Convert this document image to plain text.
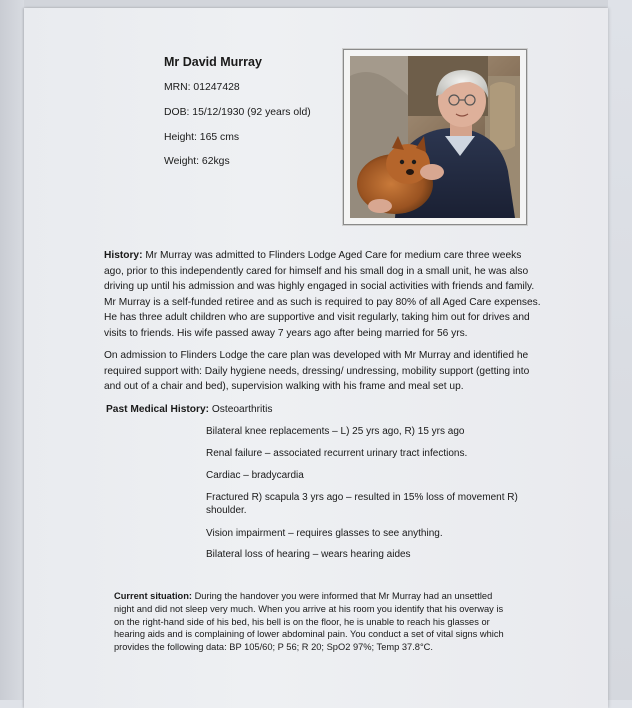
Mr David Murray
MRN: 01247428
DOB: 15/12/1930 (92 years old)
Height: 165 cms
Weight: 62kgs
History: Mr Murray was admitted to Flinders Lodge Aged Care for medium care three weeks
ago, prior to this independently cared for himself and his small dog in a small unit, he was also
driving up until his admission and was highly engaged in social activities with friends and family.
Mr Murray is a self-funded retiree and as such is required to pay 80% of all Aged Care expenses.
He has three adult children who are supportive and visit regularly, taking him out for drives and
visits to friends. His wife passed away 7 years ago after being married for 56 yrs.
On admission to Flinders Lodge the care plan was developed with Mr Murray and identified he
required support with: Daily hygiene needs, dressing/ undressing, mobility support (getting into
and out of a chair and bed), supervision walking with his frame and meal set up.
Past Medical History: Osteoarthritis
Bilateral knee replacements – L) 25 yrs ago, R) 15 yrs ago
Renal failure – associated recurrent urinary tract infections.
Cardiac – bradycardia
Fractured R) scapula 3 yrs ago – resulted in 15% loss of movement R)
shoulder.
Vision impairment – requires glasses to see anything.
Bilateral loss of hearing – wears hearing aides
Current situation: During the handover you were informed that Mr Murray had an unsettled
night and did not sleep very much. When you arrive at his room you identify that his overway is
on the right-hand side of his bed, his bell is on the floor, he is unable to reach his glasses or
hearing aids and is complaining of lower abdominal pain. You conduct a set of vital signs which
provides the following data: BP 105/60; P 56; R 20; SpO2 97%; Temp 37.8°C.
